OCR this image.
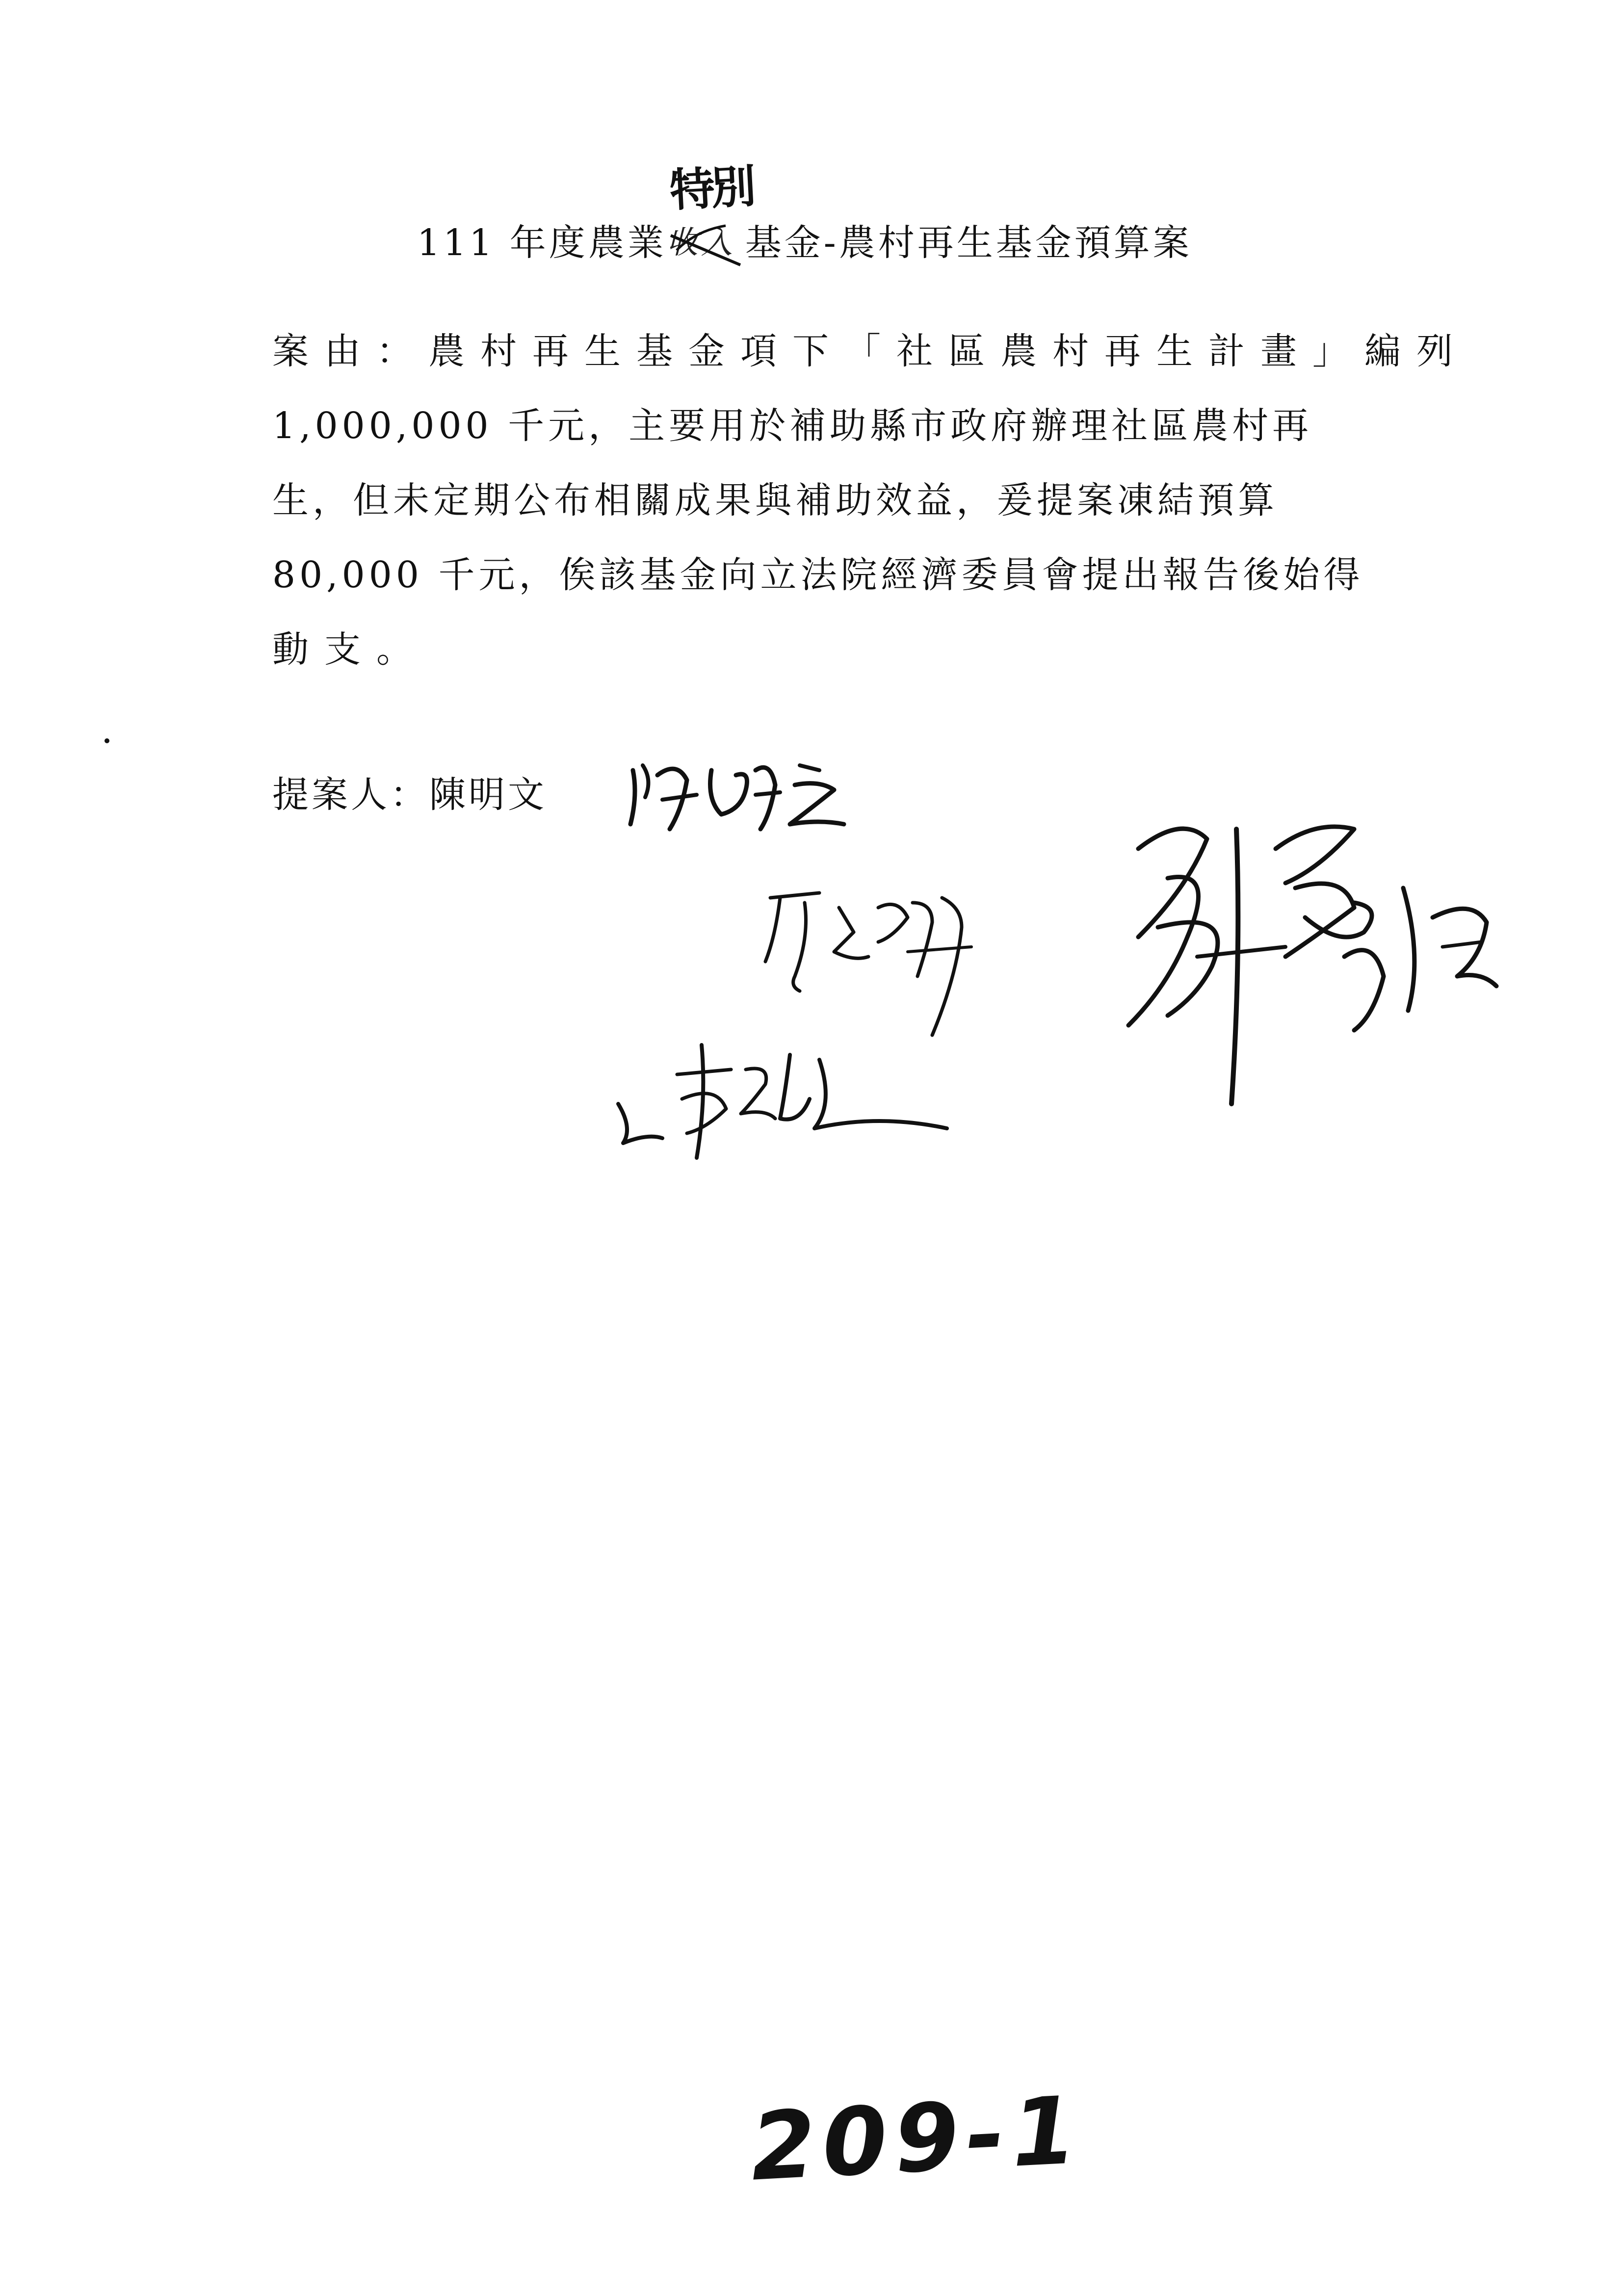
特別
111 年度農業收入 基金-農村再生基金預算案
案由：農村再生基金項下「社區農村再生計畫」編列
1,000,000 千元，主要用於補助縣市政府辦理社區農村再
生，但未定期公布相關成果與補助效益，爰提案凍結預算
80,000 千元，俟該基金向立法院經濟委員會提出報告後始得
動支。
提案人：陳明文
209-1
